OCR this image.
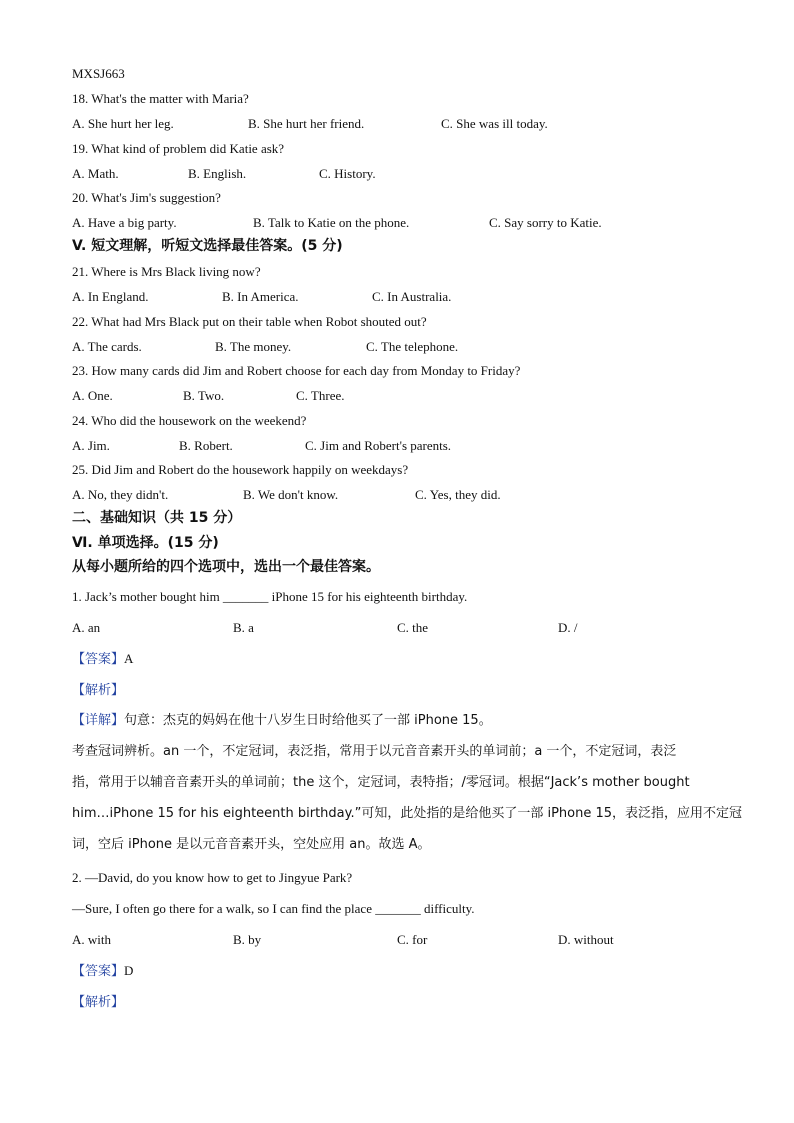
MXSJ663
18. What's the matter with Maria?
A. She hurt her leg.	B. She hurt her friend.	C. She was ill today.
19. What kind of problem did Katie ask?
A. Math.	B. English.	C. History.
20. What's Jim's suggestion?
A. Have a big party.	B. Talk to Katie on the phone.	C. Say sorry to Katie.
V. 短文理解，听短文选择最佳答案。(5 分)
21. Where is Mrs Black living now?
A. In England.	B. In America.	C. In Australia.
22. What had Mrs Black put on their table when Robot shouted out?
A. The cards.	B. The money.	C. The telephone.
23. How many cards did Jim and Robert choose for each day from Monday to Friday?
A. One.	B. Two.	C. Three.
24. Who did the housework on the weekend?
A. Jim.	B. Robert.	C. Jim and Robert's parents.
25. Did Jim and Robert do the housework happily on weekdays?
A. No, they didn't.	B. We don't know.	C. Yes, they did.
二、基础知识（共 15 分）
Ⅵ. 单项选择。(15 分)
从每小题所给的四个选项中，选出一个最佳答案。
1. Jack’s mother bought him _______ iPhone 15 for his eighteenth birthday.
A. an	B. a	C. the	D. /
【答案】A
【解析】
【详解】句意：杰克的妈妈在他十八岁生日时给他买了一部 iPhone 15。
考查冠词辨析。an 一个，不定冠词，表泛指，常用于以元音音素开头的单词前；a 一个，不定冠词，表泛
指，常用于以辅音音素开头的单词前；the 这个，定冠词，表特指；/零冠词。根据“Jack’s mother bought
him…iPhone 15 for his eighteenth birthday.”可知，此处指的是给他买了一部 iPhone 15，表泛指，应用不定冠
词，空后 iPhone 是以元音音素开头，空处应用 an。故选 A。
2. —David, do you know how to get to Jingyue Park?
—Sure, I often go there for a walk, so I can find the place _______ difficulty.
A. with	B. by	C. for	D. without
【答案】D
【解析】
